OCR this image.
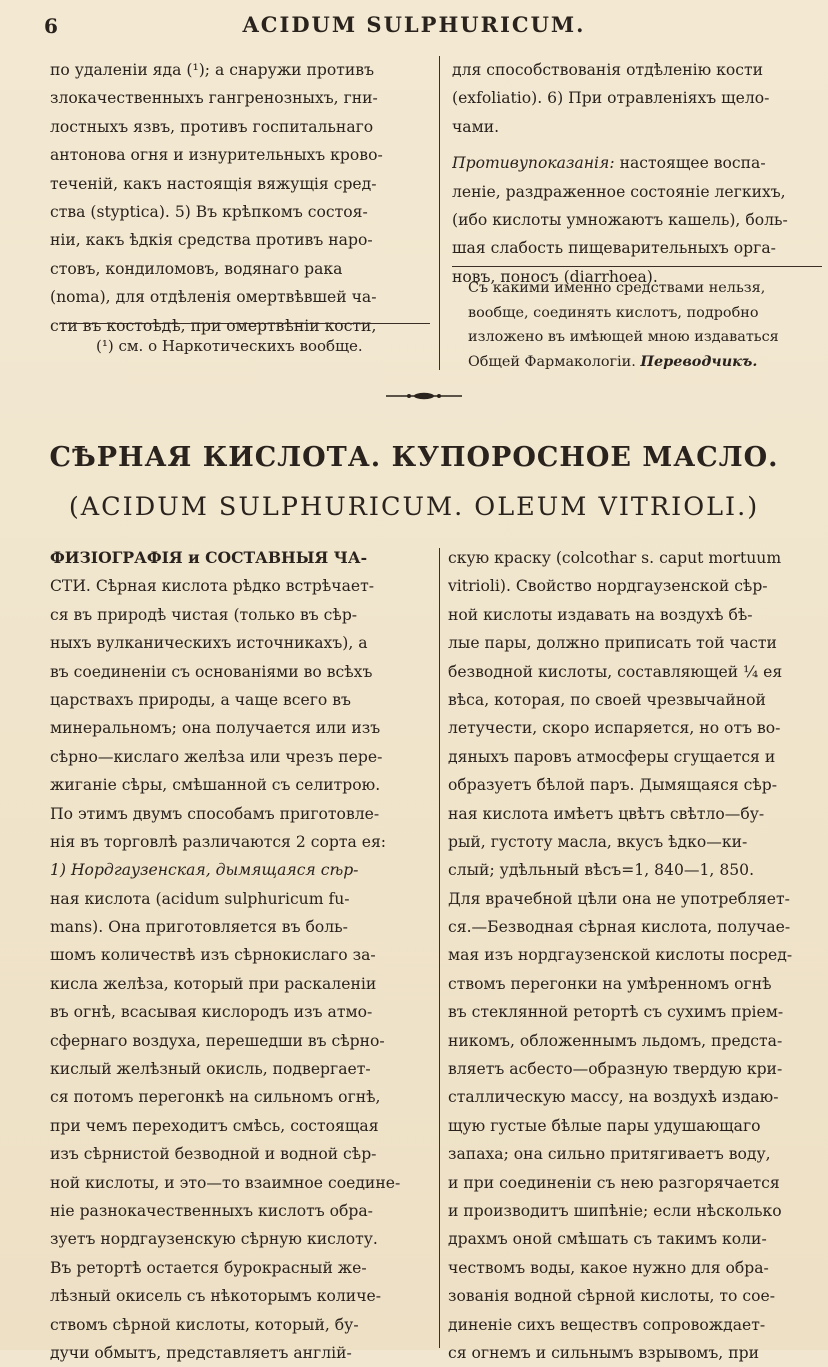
6	ACIDUM SULPHURICUM.
по удаленіи яда (¹); а снаружи противъ
злокачественныхъ гангренозныхъ, гни-
лостныхъ язвъ, противъ госпитальнаго
антонова огня и изнурительныхъ крово-
теченій, какъ настоящія вяжущія сред-
ства (styptica). 5) Въ крѣпкомъ состоя-
ніи, какъ ѣдкія средства противъ наро-
стовъ, кондиломовъ, водянаго рака
(noma), для отдѣленія омертвѣвшей ча-
сти въ костоѣдѣ, при омертвѣніи кости,
(¹) см. о Наркотическихъ вообще.
для способствованія отдѣленію кости
(exfoliatio). 6) При отравленіяхъ щело-
чами.
Противупоказанія: настоящее воспа-
леніе, раздраженное состояніе легкихъ,
(ибо кислоты умножаютъ кашель), боль-
шая слабость пищеварительныхъ орга-
новъ, поносъ (diarrhoea).
Съ какими именно средствами нельзя,
вообще, соединять кислотъ, подробно
изложено въ имѣющей мною издаваться
Общей Фармакологіи. Переводчикъ.
СѢРНАЯ КИСЛОТА. КУПОРОСНОЕ МАСЛО.
(ACIDUM SULPHURICUM. OLEUM VITRIOLI.)
ФИЗІОГРАФІЯ и СОСТАВНЫЯ ЧА-
СТИ. Сѣрная кислота рѣдко встрѣчает-
ся въ природѣ чистая (только въ сѣр-
ныхъ вулканическихъ источникахъ), а
въ соединеніи съ основаніями во всѣхъ
царствахъ природы, а чаще всего въ
минеральномъ; она получается или изъ
сѣрно—кислаго желѣза или чрезъ пере-
жиганіе сѣры, смѣшанной съ селитрою.
По этимъ двумъ способамъ приготовле-
нія въ торговлѣ различаются 2 сорта ея:
1) Нордгаузенская, дымящаяся сѣр-
ная кислота (acidum sulphuricum fu-
mans). Она приготовляется въ боль-
шомъ количествѣ изъ сѣрнокислаго за-
кисла желѣза, который при раскаленіи
въ огнѣ, всасывая кислородъ изъ атмо-
сфернаго воздуха, перешедши въ сѣрно-
кислый желѣзный окисль, подвергает-
ся потомъ перегонкѣ на сильномъ огнѣ,
при чемъ переходитъ смѣсь, состоящая
изъ сѣрнистой безводной и водной сѣр-
ной кислоты, и это—то взаимное соедине-
ніе разнокачественныхъ кислотъ обра-
зуетъ нордгаузенскую сѣрную кислоту.
Въ ретортѣ остается бурокрасный же-
лѣзный окисель съ нѣкоторымъ количе-
ствомъ сѣрной кислоты, который, бу-
дучи обмытъ, представляетъ англій-
скую краску (colcothar s. caput mortuum
vitrioli). Свойство нордгаузенской сѣр-
ной кислоты издавать на воздухѣ бѣ-
лые пары, должно приписать той части
безводной кислоты, составляющей ¼ ея
вѣса, которая, по своей чрезвычайной
летучести, скоро испаряется, но отъ во-
дяныхъ паровъ атмосферы сгущается и
образуетъ бѣлой паръ. Дымящаяся сѣр-
ная кислота имѣетъ цвѣтъ свѣтло—бу-
рый, густоту масла, вкусъ ѣдко—ки-
слый; удѣльный вѣсъ=1, 840—1, 850.
Для врачебной цѣли она не употребляет-
ся.—Безводная сѣрная кислота, получае-
мая изъ нордгаузенской кислоты посред-
ствомъ перегонки на умѣренномъ огнѣ
въ стеклянной ретортѣ съ сухимъ пріем-
никомъ, обложеннымъ льдомъ, предста-
вляетъ асбесто—образную твердую кри-
сталлическую массу, на воздухѣ издаю-
щую густые бѣлые пары удушающаго
запаха; она сильно притягиваетъ воду,
и при соединеніи съ нею разгорячается
и производитъ шипѣніе; если нѣсколько
драхмъ оной смѣшать съ такимъ коли-
чествомъ воды, какое нужно для обра-
зованія водной сѣрной кислоты, то сое-
диненіе сихъ веществъ сопровождает-
ся огнемъ и сильнымъ взрывомъ, при
